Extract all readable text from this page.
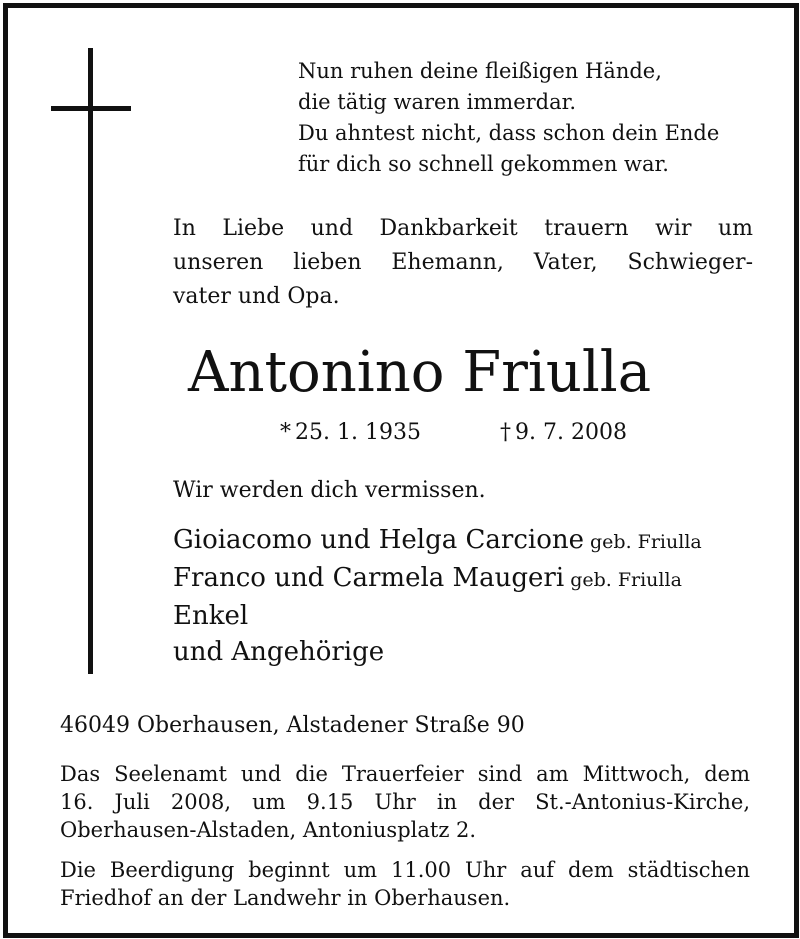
Nun ruhen deine fleißigen Hände,
die tätig waren immerdar.
Du ahntest nicht, dass schon dein Ende
für dich so schnell gekommen war.
In Liebe und Dankbarkeit trauern wir um
unseren lieben Ehemann, Vater, Schwieger-
vater und Opa.
Antonino Friulla
* 25. 1. 1935	† 9. 7. 2008
Wir werden dich vermissen.
Gioiacomo und Helga Carcione geb. Friulla
Franco und Carmela Maugeri geb. Friulla
Enkel
und Angehörige
46049 Oberhausen, Alstadener Straße 90
Das Seelenamt und die Trauerfeier sind am Mittwoch, dem
16. Juli 2008, um 9.15 Uhr in der St.-Antonius-Kirche,
Oberhausen-Alstaden, Antoniusplatz 2.
Die Beerdigung beginnt um 11.00 Uhr auf dem städtischen
Friedhof an der Landwehr in Oberhausen.
